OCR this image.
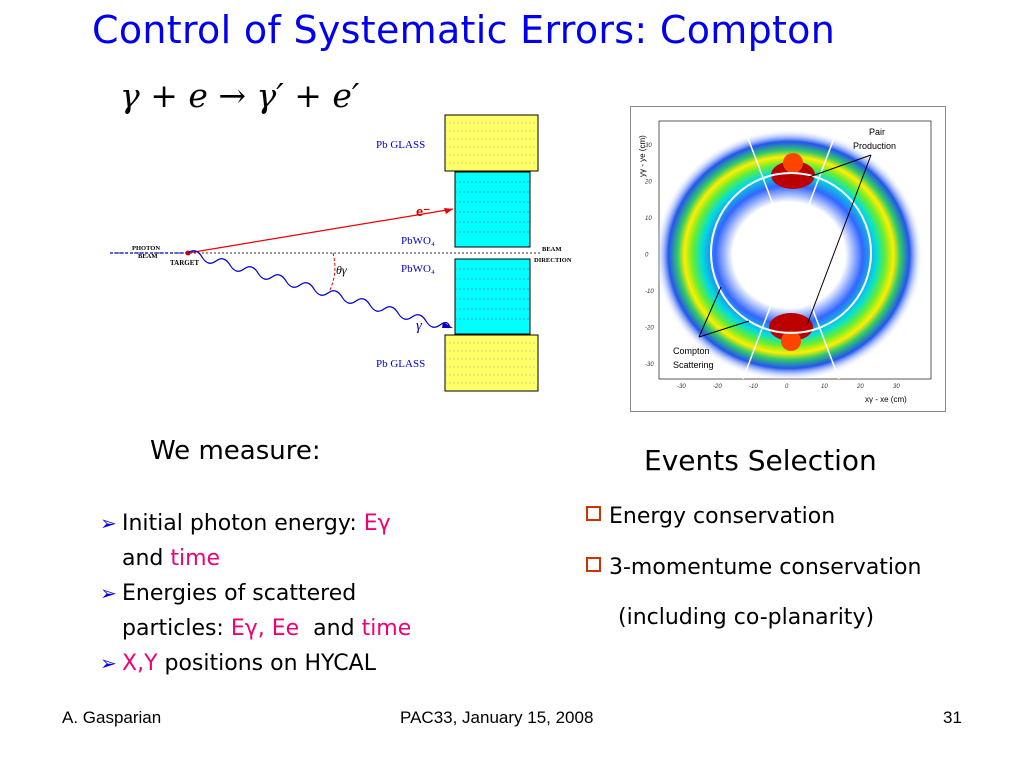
Control of Systematic Errors: Compton
γ + e → γ′ + e′
Pb GLASS
Pb GLASS
PbWO₄
PbWO₄
e⁻
γ
θγ
PHOTON
BEAM
TARGET
BEAM
DIRECTION
Pair
Production
Compton
Scattering
yγ - ye (cm)
xγ - xe (cm)
30
20
10
0
-10
-20
-30
-30	-20	-10	0	10	20	30
We measure:
➢ Initial photon energy: Eγ
and time
➢ Energies of scattered
particles: Eγ, Ee  and time
➢ X,Y positions on HYCAL
Events Selection
Energy conservation
3-momentume conservation
(including co-planarity)
A. Gasparian	PAC33, January 15, 2008	31
